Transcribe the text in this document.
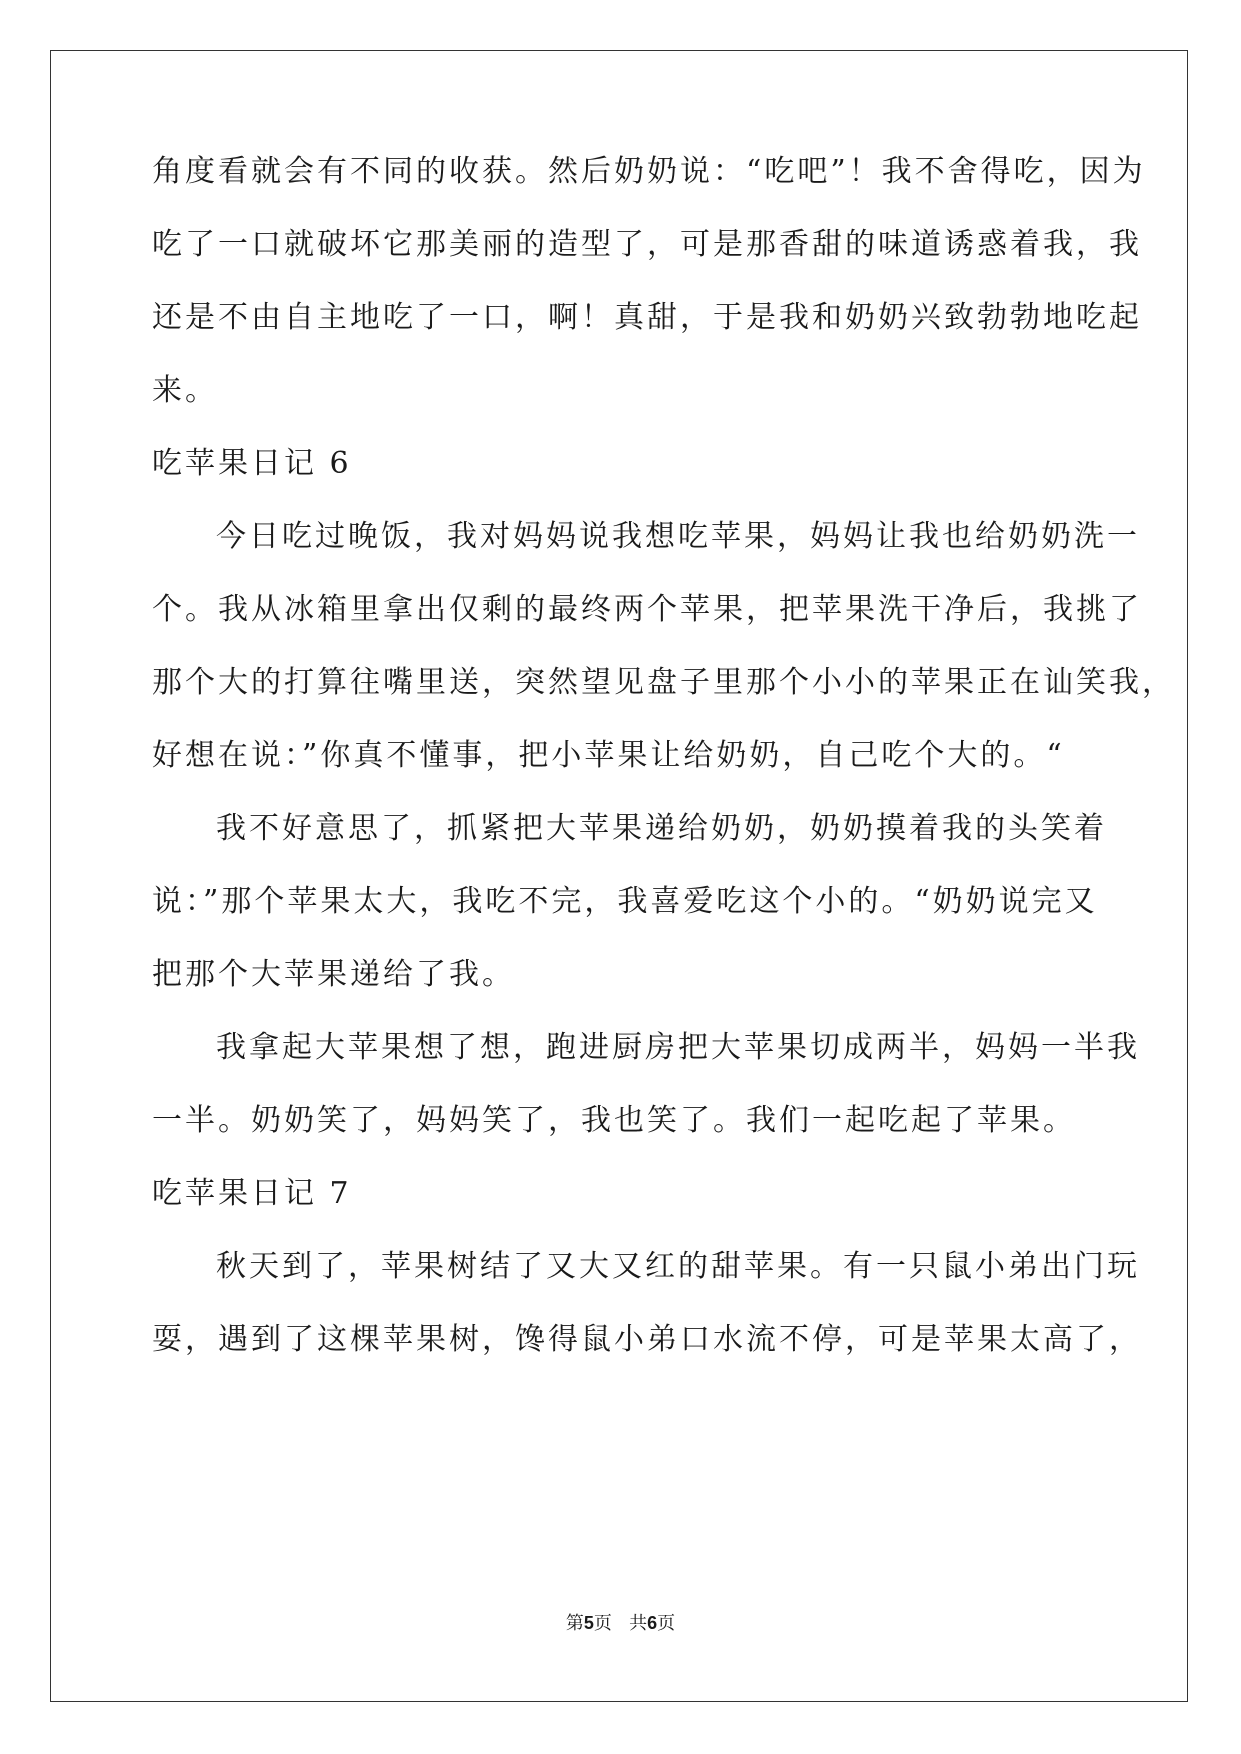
角度看就会有不同的收获。然后奶奶说：“吃吧”！我不舍得吃，因为
吃了一口就破坏它那美丽的造型了，可是那香甜的味道诱惑着我，我
还是不由自主地吃了一口，啊！真甜，于是我和奶奶兴致勃勃地吃起
来。
吃苹果日记 6
今日吃过晚饭，我对妈妈说我想吃苹果，妈妈让我也给奶奶洗一
个。我从冰箱里拿出仅剩的最终两个苹果，把苹果洗干净后，我挑了
那个大的打算往嘴里送，突然望见盘子里那个小小的苹果正在讪笑我，
好想在说：”你真不懂事，把小苹果让给奶奶，自己吃个大的。“
我不好意思了，抓紧把大苹果递给奶奶，奶奶摸着我的头笑着
说：”那个苹果太大，我吃不完，我喜爱吃这个小的。“奶奶说完又
把那个大苹果递给了我。
我拿起大苹果想了想，跑进厨房把大苹果切成两半，妈妈一半我
一半。奶奶笑了，妈妈笑了，我也笑了。我们一起吃起了苹果。
吃苹果日记 7
秋天到了，苹果树结了又大又红的甜苹果。有一只鼠小弟出门玩
耍，遇到了这棵苹果树，馋得鼠小弟口水流不停，可是苹果太高了，
第5页 共6页
